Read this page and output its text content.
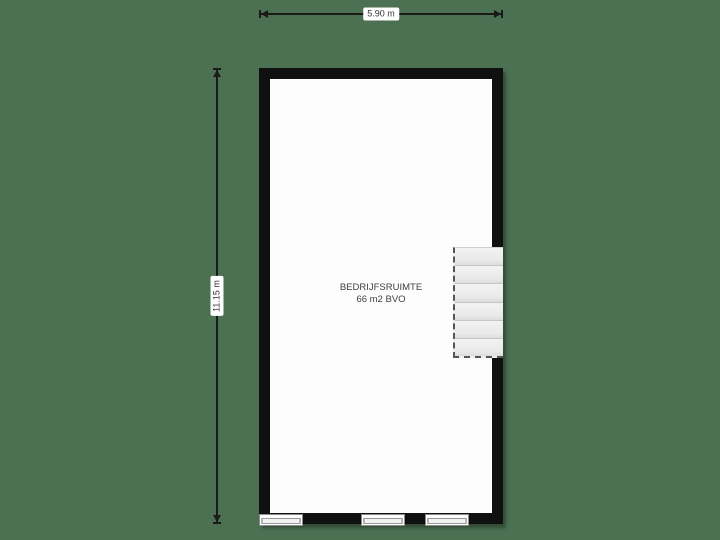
5.90 m
11.15 m	BEDRIJFSRUIMTE
66 m2 BVO
